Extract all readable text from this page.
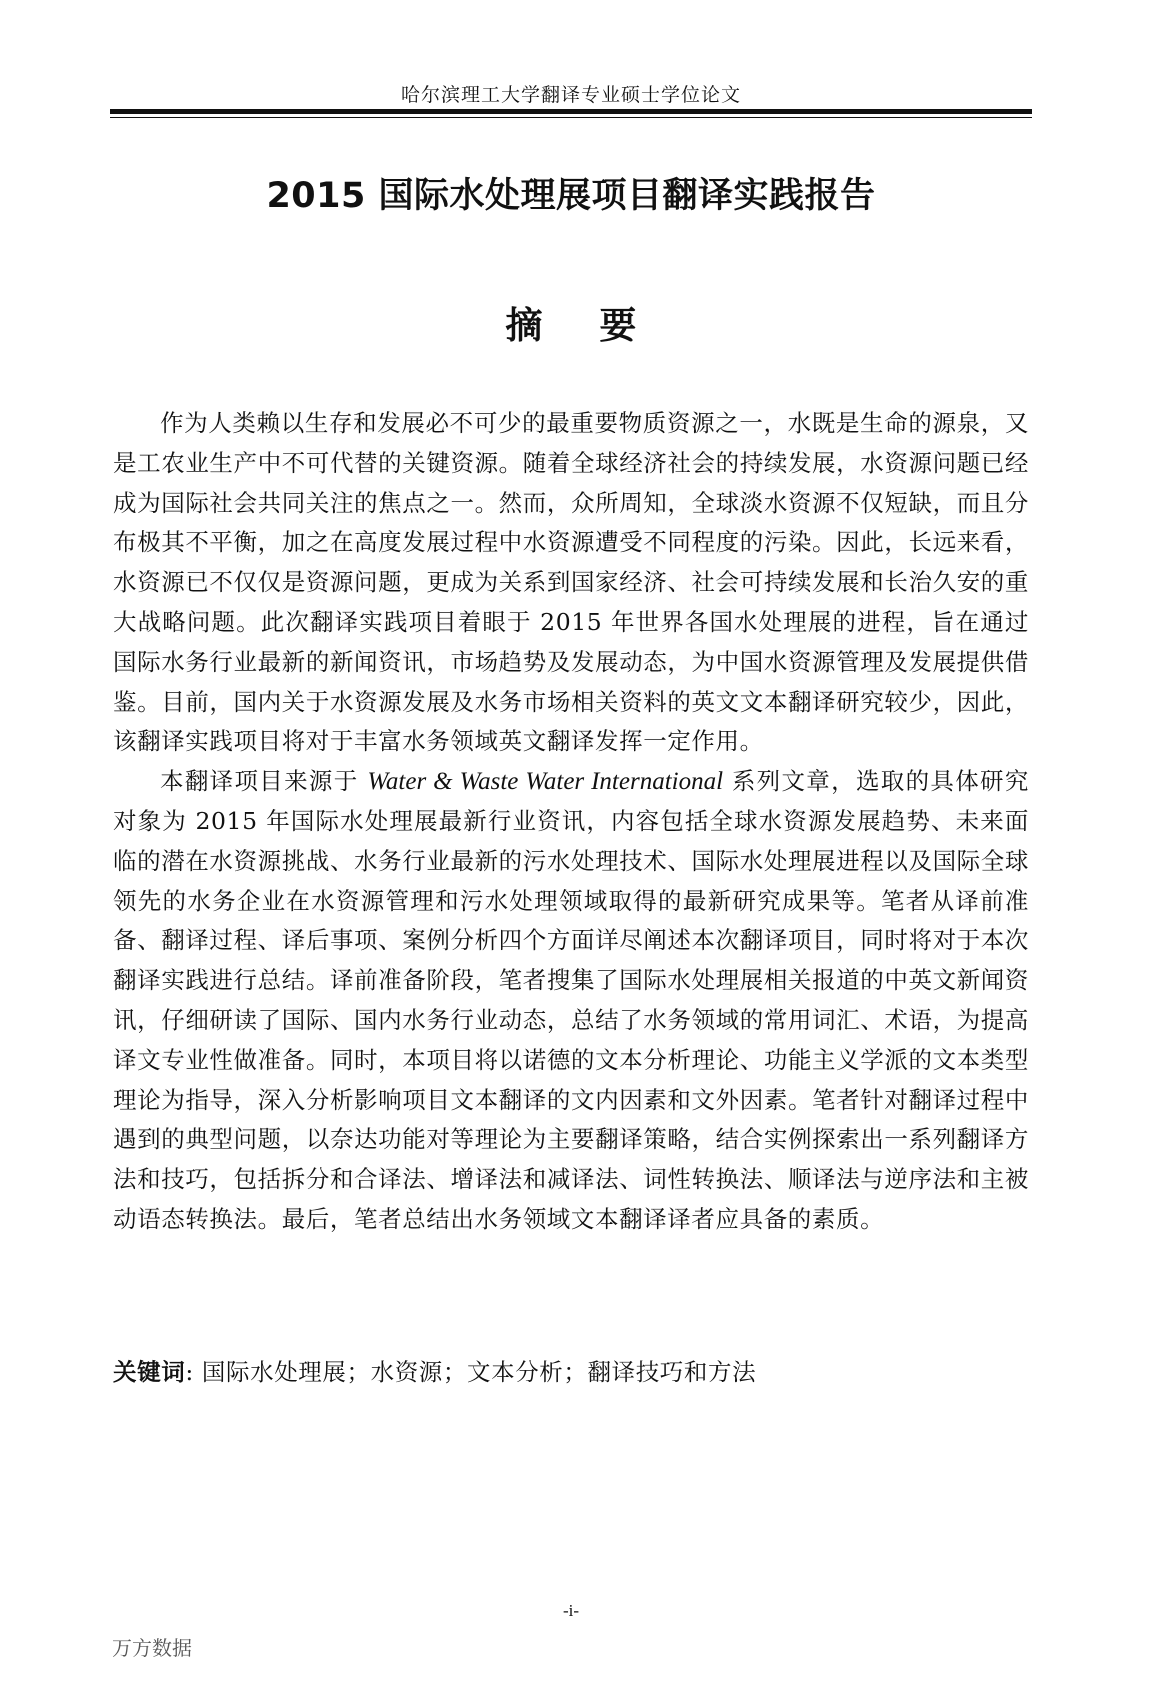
哈尔滨理工大学翻译专业硕士学位论文
2015 国际水处理展项目翻译实践报告
摘 要

作为人类赖以生存和发展必不可少的最重要物质资源之一，水既是生命的源泉，又是工农业生产中不可代替的关键资源。随着全球经济社会的持续发展，水资源问题已经成为国际社会共同关注的焦点之一。然而，众所周知，全球淡水资源不仅短缺，而且分布极其不平衡，加之在高度发展过程中水资源遭受不同程度的污染。因此，长远来看，水资源已不仅仅是资源问题，更成为关系到国家经济、社会可持续发展和长治久安的重大战略问题。此次翻译实践项目着眼于 2015 年世界各国水处理展的进程，旨在通过国际水务行业最新的新闻资讯，市场趋势及发展动态，为中国水资源管理及发展提供借鉴。目前，国内关于水资源发展及水务市场相关资料的英文文本翻译研究较少，因此，该翻译实践项目将对于丰富水务领域英文翻译发挥一定作用。

本翻译项目来源于 Water & Waste Water International 系列文章，选取的具体研究对象为 2015 年国际水处理展最新行业资讯，内容包括全球水资源发展趋势、未来面临的潜在水资源挑战、水务行业最新的污水处理技术、国际水处理展进程以及国际全球领先的水务企业在水资源管理和污水处理领域取得的最新研究成果等。笔者从译前准备、翻译过程、译后事项、案例分析四个方面详尽阐述本次翻译项目，同时将对于本次翻译实践进行总结。译前准备阶段，笔者搜集了国际水处理展相关报道的中英文新闻资讯，仔细研读了国际、国内水务行业动态，总结了水务领域的常用词汇、术语，为提高译文专业性做准备。同时，本项目将以诺德的文本分析理论、功能主义学派的文本类型理论为指导，深入分析影响项目文本翻译的文内因素和文外因素。笔者针对翻译过程中遇到的典型问题，以奈达功能对等理论为主要翻译策略，结合实例探索出一系列翻译方法和技巧，包括拆分和合译法、增译法和减译法、词性转换法、顺译法与逆序法和主被动语态转换法。最后，笔者总结出水务领域文本翻译译者应具备的素质。

关键词: 国际水处理展；水资源；文本分析；翻译技巧和方法
-i-
万方数据
